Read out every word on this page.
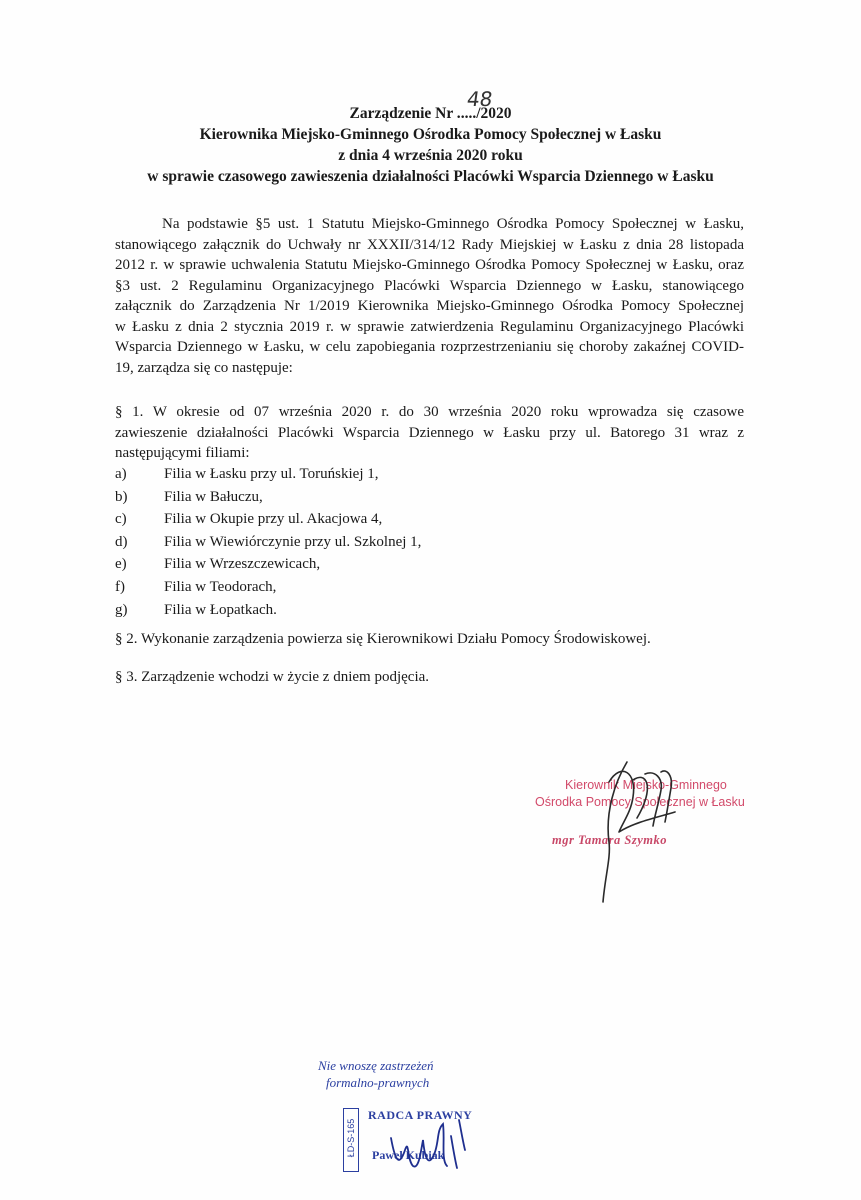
Zarządzenie Nr .....
48
/2020
Kierownika Miejsko-Gminnego Ośrodka Pomocy Społecznej w Łasku
z dnia 4 września 2020 roku
w sprawie czasowego zawieszenia działalności Placówki Wsparcia Dziennego w Łasku
Na podstawie §5 ust. 1 Statutu Miejsko-Gminnego Ośrodka Pomocy Społecznej w Łasku,
stanowiącego załącznik do Uchwały nr XXXII/314/12 Rady Miejskiej w Łasku z dnia 28 listopada
2012 r. w sprawie uchwalenia Statutu Miejsko-Gminnego Ośrodka Pomocy Społecznej w Łasku, oraz
§3 ust. 2 Regulaminu Organizacyjnego Placówki Wsparcia Dziennego w Łasku, stanowiącego
załącznik do Zarządzenia Nr 1/2019 Kierownika Miejsko-Gminnego Ośrodka Pomocy Społecznej
w Łasku z dnia 2 stycznia 2019 r. w sprawie zatwierdzenia Regulaminu Organizacyjnego Placówki
Wsparcia Dziennego w Łasku, w celu zapobiegania rozprzestrzenianiu się choroby zakaźnej COVID-
19, zarządza się co następuje:
§ 1. W okresie od 07 września 2020 r. do 30 września 2020 roku wprowadza się czasowe
zawieszenie działalności Placówki Wsparcia Dziennego w Łasku przy ul. Batorego 31 wraz z
następującymi filiami:
a) Filia w Łasku przy ul. Toruńskiej 1,
b) Filia w Bałuczu,
c) Filia w Okupie przy ul. Akacjowa 4,
d) Filia w Wiewiórczynie przy ul. Szkolnej 1,
e) Filia w Wrzeszczewicach,
f)	Filia w Teodorach,
g) Filia w Łopatkach.
§ 2. Wykonanie zarządzenia powierza się Kierownikowi Działu Pomocy Środowiskowej.
§ 3. Zarządzenie wchodzi w życie z dniem podjęcia.
Kierownik Miejsko-Gminnego
Ośrodka Pomocy Społecznej w Łasku
mgr Tamara Szymko
Nie wnoszę zastrzeżeń
formalno-prawnych
ŁD-S-165
RADCA PRAWNY
Paweł Kubiak
